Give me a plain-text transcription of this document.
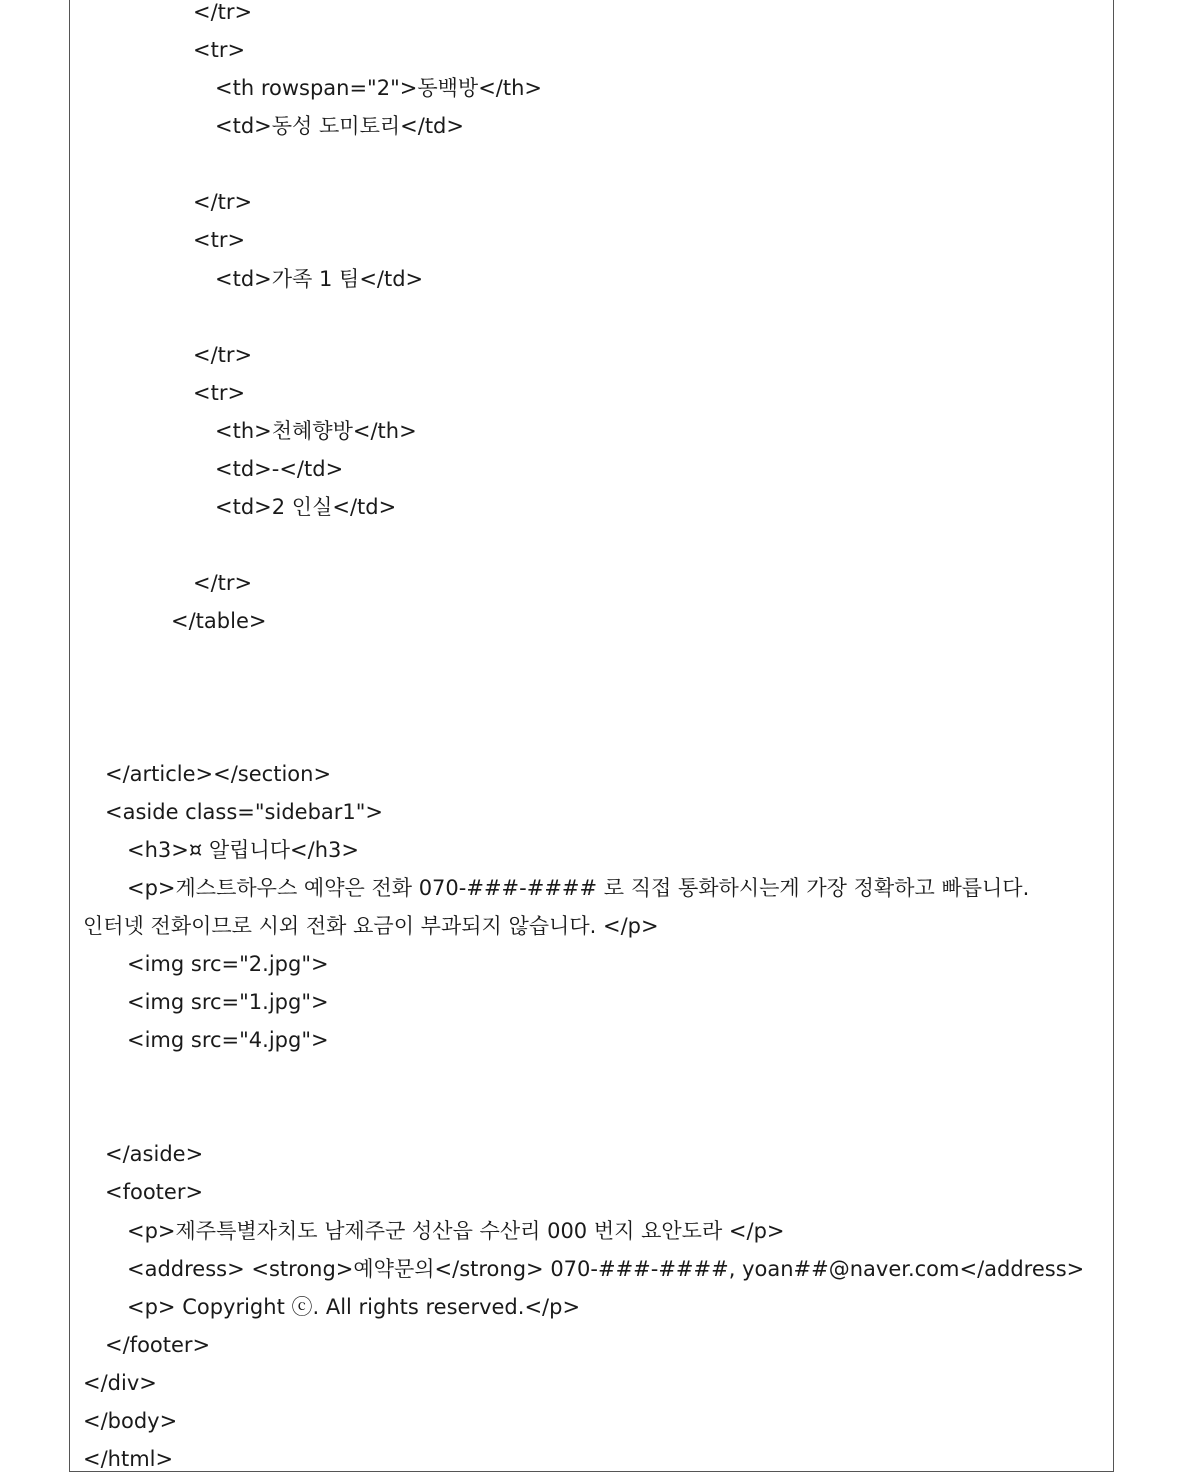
</tr>
<tr>
<th rowspan="2">동백방</th>
<td>동성 도미토리</td>
</tr>
<tr>
<td>가족 1 팀</td>
</tr>
<tr>
<th>천혜향방</th>
<td>-</td>
<td>2 인실</td>
</tr>
</table>
</article></section>
<aside class="sidebar1">
<h3>¤ 알립니다</h3>
<p>게스트하우스 예약은 전화 070-###-#### 로 직접 통화하시는게 가장 정확하고 빠릅니다.
인터넷 전화이므로 시외 전화 요금이 부과되지 않습니다. </p>
<img src="2.jpg">
<img src="1.jpg">
<img src="4.jpg">
</aside>
<footer>
<p>제주특별자치도 남제주군 성산읍 수산리 000 번지 요안도라 </p>
<address> <strong>예약문의</strong> 070-###-####, yoan##@naver.com</address>
<p> Copyright ⓒ. All rights reserved.</p>
</footer>
</div>
</body>
</html>
